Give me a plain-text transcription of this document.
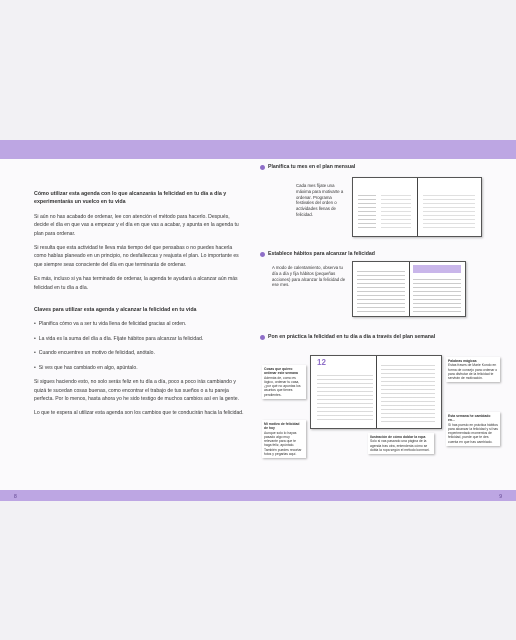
Cómo utilizar esta agenda con lo que alcanzarás la felicidad en tu día a día y experimentarás un vuelco en tu vida

Si aún no has acabado de ordenar, lee con atención el método para hacerlo. Después, decide el día en que vas a empezar y el día en que vas a acabar, y apunta en la agenda tu plan para ordenar.

Si resulta que esta actividad te lleva más tiempo del que pensabas o no puedes hacerla como habías planeado en un principio, no desfallezcas y reajusta el plan. Lo importante es que siempre seas consciente del día en que terminarás de ordenar.

Es más, incluso si ya has terminado de ordenar, la agenda te ayudará a alcanzar aún más felicidad en tu día a día.

Claves para utilizar esta agenda y alcanzar la felicidad en tu vida
• Planifica cómo va a ser tu vida llena de felicidad gracias al orden.
• La vida es la suma del día a día. Fíjate hábitos para alcanzar la felicidad.
• Cuando encuentres un motivo de felicidad, anótalo.
• Si ves que has cambiado en algo, apúntalo.

Si sigues haciendo esto, no solo serás feliz en tu día a día, poco a poco irás cambiando y quizá te sucedan cosas buenas, como encontrar el trabajo de tus sueños o a tu pareja perfecta. Por lo menos, hasta ahora yo he sido testigo de muchos cambios así en la gente.

Lo que te espera al utilizar esta agenda son los cambios que te conducirán hacia la felicidad.

Planifica tu mes en el plan mensual
Cada mes fíjate una máxima para motivarte a ordenar. Programa festivales del orden o actividades llenas de felicidad.
Establece hábitos para alcanzar la felicidad
A modo de calentamiento, observa tu día a día y fija hábitos (pequeñas acciones) para alcanzar la felicidad de ese mes.
Pon en práctica la felicidad en tu día a día a través del plan semanal
12
Cosas que quiero ordenar este semana
Además de, como es lógico, ordenar tu casa, ¿por qué no apuntas los asuntos que tienes pendientes.
Mi motivo de felicidad de hoy
Aunque solo lo hayas pasado algo muy relevante para que te haga feliz, apúntalo. También puedes recortar fotos y pegarlas aquí.
Ilustración de cómo doblar la ropa
Solo si vas pasando una página de la agenda tras otra, entenderás cómo se dobla la ropa según el método konmari.
Palabras mágicas
Estas frases de Marie Kondo en forma de consejo para ordenar o para disfrutar de la felicidad te servirán de motivación.
Esta semana he cambiado en...
Si has puesto en práctica hábitos para alcanzar la felicidad y si has experimentado momentos de felicidad, puede que te des cuenta en que has cambiado.
8	9
